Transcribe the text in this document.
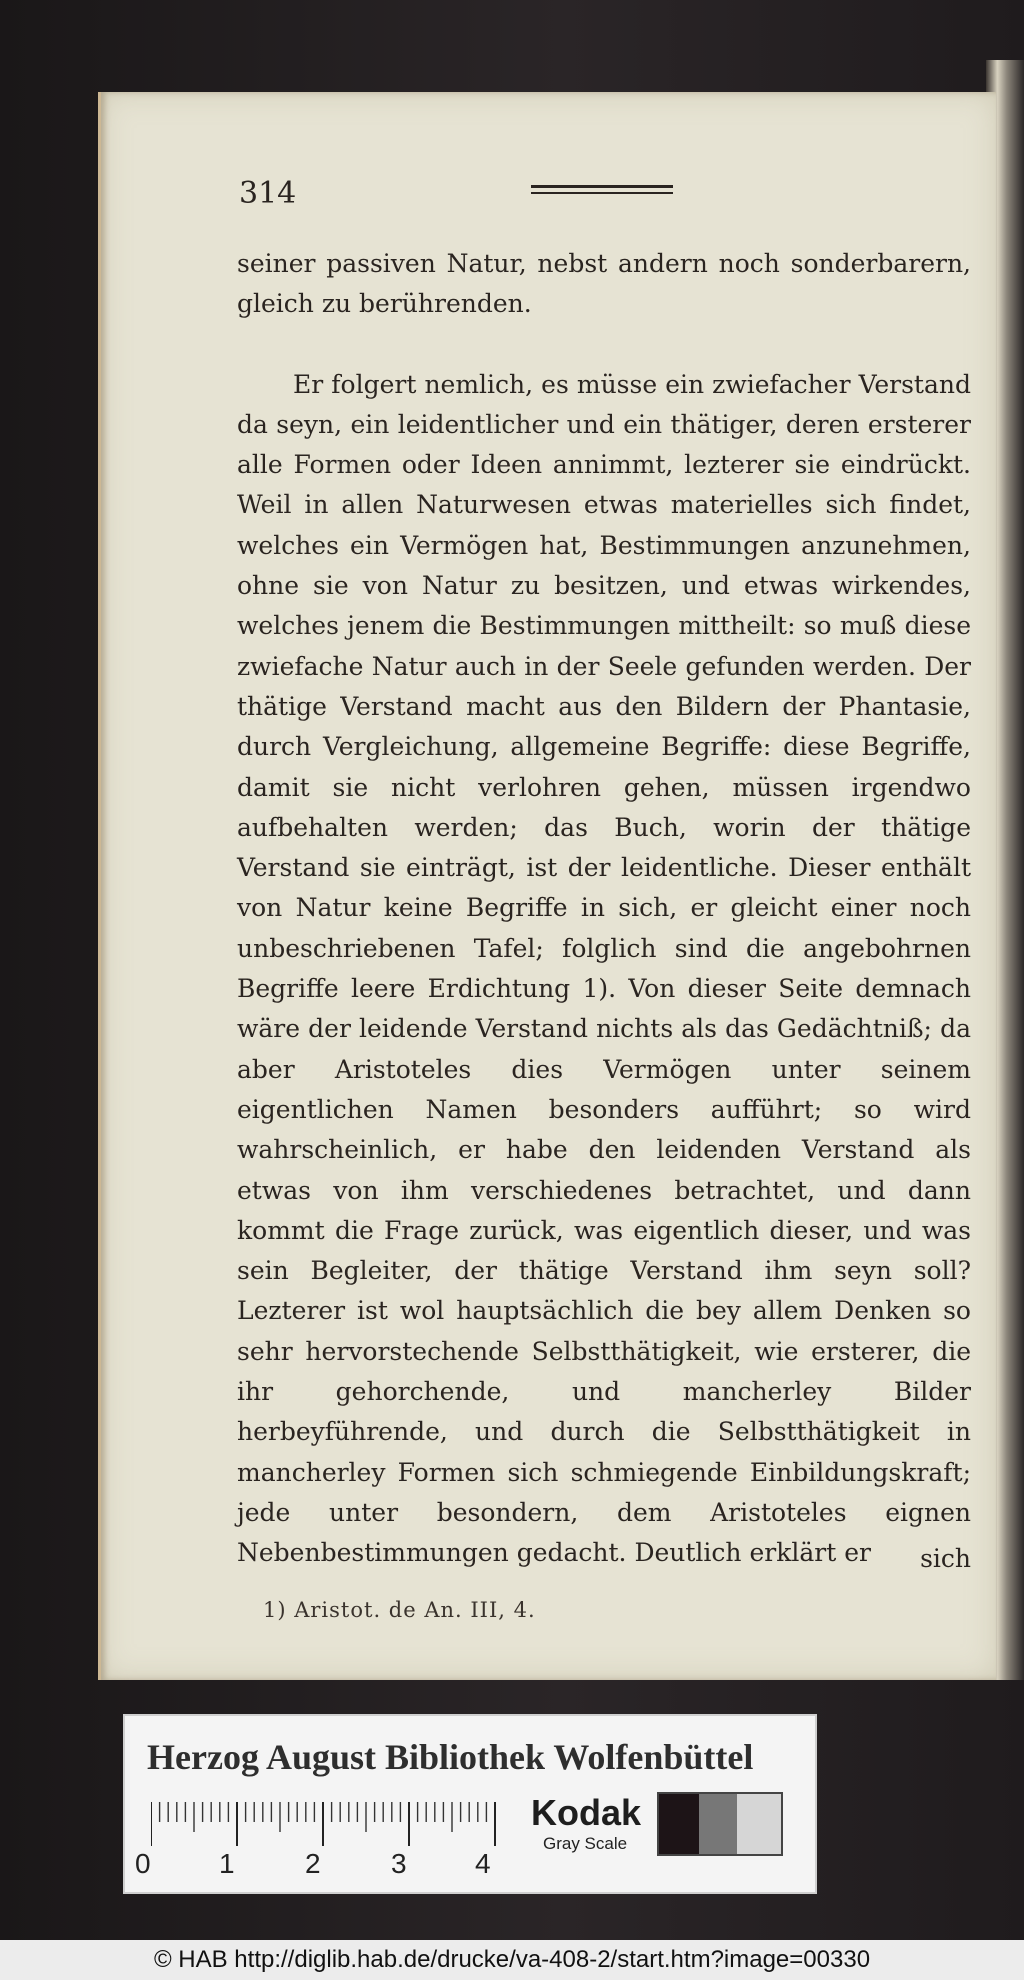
314

seiner passiven Natur, nebst andern noch sonderbarern, gleich zu berührenden.

Er folgert nemlich, es müsse ein zwiefacher Verstand da seyn, ein leidentlicher und ein thätiger, deren ersterer alle Formen oder Ideen annimmt, lezterer sie eindrückt. Weil in allen Naturwesen etwas materielles sich findet, welches ein Vermögen hat, Bestimmungen anzunehmen, ohne sie von Natur zu besitzen, und etwas wirkendes, welches jenem die Bestimmungen mittheilt: so muß diese zwiefache Natur auch in der Seele gefunden werden. Der thätige Verstand macht aus den Bildern der Phantasie, durch Vergleichung, allgemeine Begriffe: diese Begriffe, damit sie nicht verlohren gehen, müssen irgendwo aufbehalten werden; das Buch, worin der thätige Verstand sie einträgt, ist der leidentliche. Dieser enthält von Natur keine Begriffe in sich, er gleicht einer noch unbeschriebenen Tafel; folglich sind die angebohrnen Begriffe leere Erdichtung 1). Von dieser Seite demnach wäre der leidende Verstand nichts als das Gedächtniß; da aber Aristoteles dies Vermögen unter seinem eigentlichen Namen besonders aufführt; so wird wahrscheinlich, er habe den leidenden Verstand als etwas von ihm verschiedenes betrachtet, und dann kommt die Frage zurück, was eigentlich dieser, und was sein Begleiter, der thätige Verstand ihm seyn soll? Lezterer ist wol hauptsächlich die bey allem Denken so sehr hervorstechende Selbstthätigkeit, wie ersterer, die ihr gehorchende, und mancherley Bilder herbeyführende, und durch die Selbstthätigkeit in mancherley Formen sich schmiegende Einbildungskraft; jede unter besondern, dem Aristoteles eignen Nebenbestimmungen gedacht. Deutlich erklärt er	sich
1) Aristot. de An. III, 4.
Herzog August Bibliothek Wolfenbüttel
0 1	2	3 4
Kodak
Gray Scale
© HAB http://diglib.hab.de/drucke/va-408-2/start.htm?image=00330
